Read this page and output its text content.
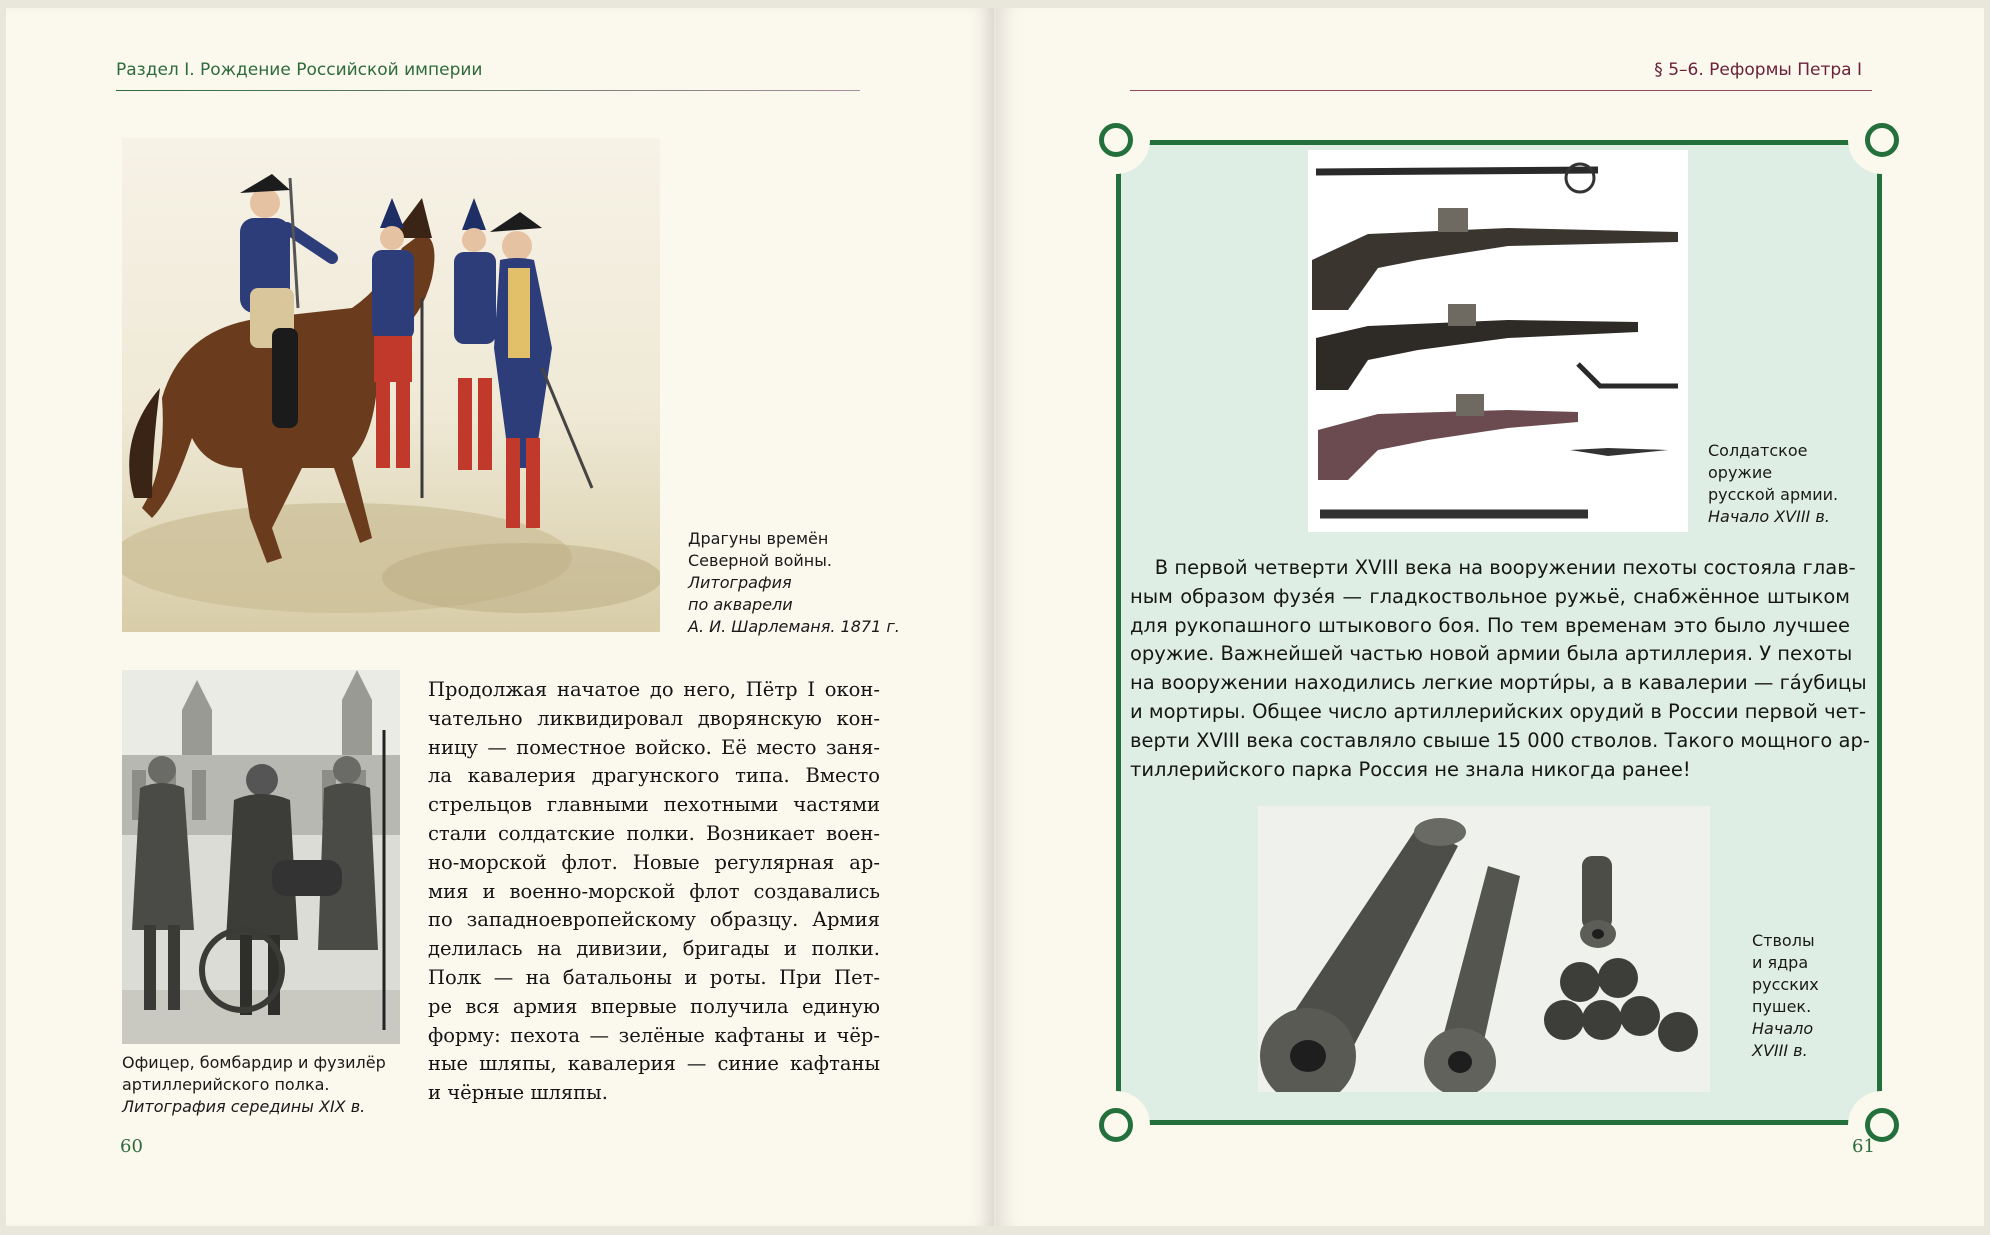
Раздел I. Рождение Российской империи
Драгуны времён
Северной войны.
Литография
по акварели
А. И. Шарлеманя. 1871 г.
Офицер, бомбардир и фузилёр
артиллерийского полка.
Литография середины XIX в.
Продолжая начатое до него, Пётр I окон-
чательно ликвидировал дворянскую кон-
ницу — поместное войско. Её место заня-
ла кавалерия драгунского типа. Вместо
стрельцов главными пехотными частями
стали солдатские полки. Возникает воен-
но-морской флот. Новые регулярная ар-
мия и военно-морской флот создавались
по западноевропейскому образцу. Армия
делилась на дивизии, бригады и полки.
Полк — на батальоны и роты. При Пет-
ре вся армия впервые получила единую
форму: пехота — зелёные кафтаны и чёр-
ные шляпы, кавалерия — синие кафтаны
и чёрные шляпы.
60
§ 5–6. Реформы Петра I
Солдатское
оружие
русской армии.
Начало XVIII в.
В первой четверти XVIII века на вооружении пехоты состояла глав-
ным образом фузе́я — гладкоствольное ружьё, снабжённое штыком
для рукопашного штыкового боя. По тем временам это было лучшее
оружие. Важнейшей частью новой армии была артиллерия. У пехоты
на вооружении находились легкие морти́ры, а в кавалерии — га́убицы
и мортиры. Общее число артиллерийских орудий в России первой чет-
верти XVIII века составляло свыше 15 000 стволов. Такого мощного ар-
тиллерийского парка Россия не знала никогда ранее!
Стволы
и ядра
русских
пушек.
Начало
XVIII в.
61
